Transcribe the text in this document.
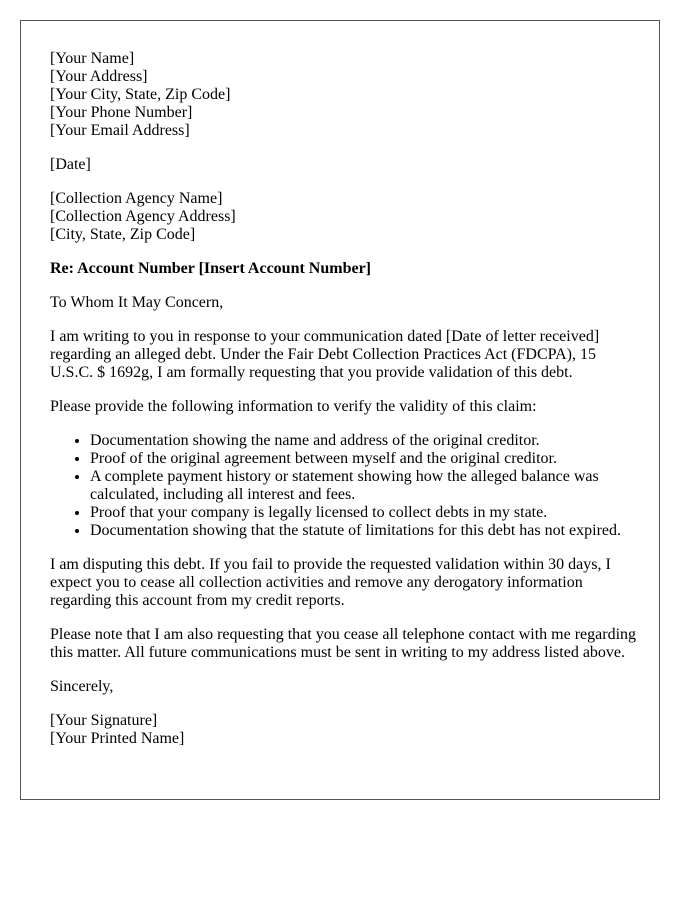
[Your Name]
[Your Address]
[Your City, State, Zip Code]
[Your Phone Number]
[Your Email Address]
[Date]
[Collection Agency Name]
[Collection Agency Address]
[City, State, Zip Code]

Re: Account Number [Insert Account Number]

To Whom It May Concern,

I am writing to you in response to your communication dated [Date of letter received] regarding an alleged debt. Under the Fair Debt Collection Practices Act (FDCPA), 15 U.S.C. $ 1692g, I am formally requesting that you provide validation of this debt.

Please provide the following information to verify the validity of this claim:

• Documentation showing the name and address of the original creditor.
• Proof of the original agreement between myself and the original creditor.
• A complete payment history or statement showing how the alleged balance was calculated, including all interest and fees.
• Proof that your company is legally licensed to collect debts in my state.
• Documentation showing that the statute of limitations for this debt has not expired.

I am disputing this debt. If you fail to provide the requested validation within 30 days, I expect you to cease all collection activities and remove any derogatory information regarding this account from my credit reports.

Please note that I am also requesting that you cease all telephone contact with me regarding this matter. All future communications must be sent in writing to my address listed above.

Sincerely,

[Your Signature]
[Your Printed Name]
